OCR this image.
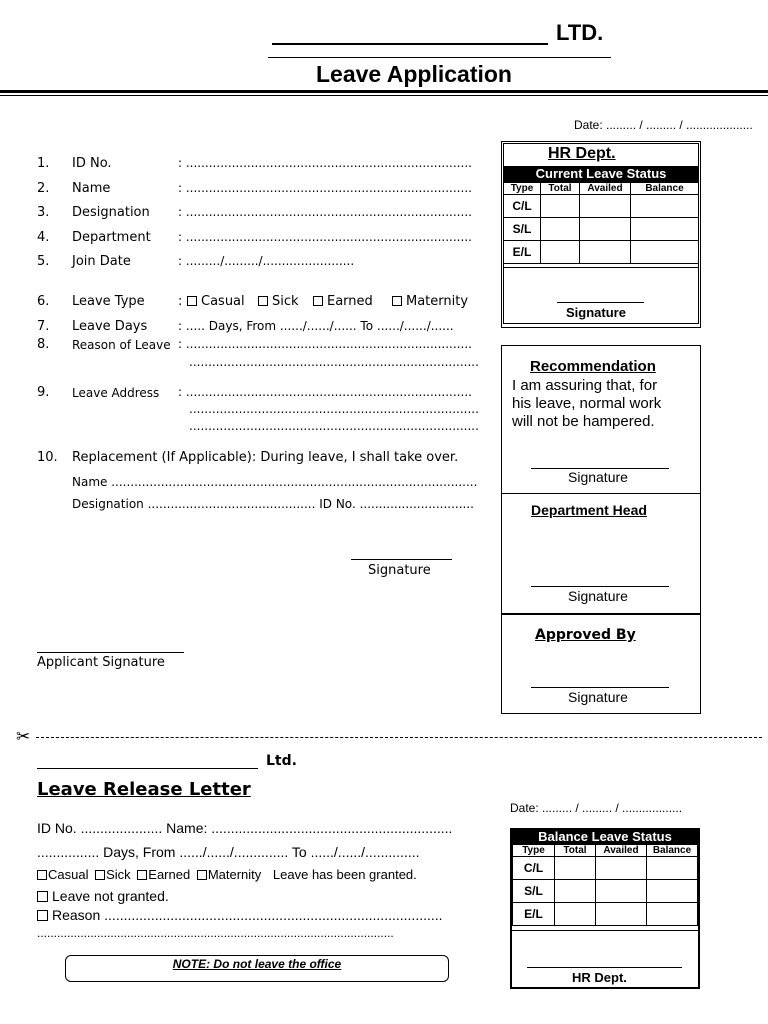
LTD.
Leave Application
Date: ......... / ......... / ....................
1. ID No.	: ...........................................................................
2. Name	: ...........................................................................
3. Designation : ...........................................................................
4. Department : ...........................................................................
5. Join Date	: ........./........./........................
6. Leave Type	:	Casual	Sick	Earned	Maternity
7. Leave Days	: ..... Days, From ....../....../...... To ....../....../......
8. Reason of Leave : ...........................................................................
............................................................................
9. Leave Address : ...........................................................................
............................................................................
............................................................................
10. Replacement (If Applicable): During leave, I shall take over.
Name ................................................................................................
Designation ............................................ ID No. ..............................
Signature
Applicant Signature
HR Dept.
Current Leave Status
Type	Total	Availed	Balance
C/L			
S/L			
E/L			
Signature
Recommendation
I am assuring that, for
his leave, normal work
will not be hampered.
Signature
Department Head
Signature
Approved By
Signature
✂
Ltd.
Leave Release Letter
Date: ......... / ......... / ..................
ID No. ..................... Name: ..............................................................
................ Days, From ....../....../.............. To ....../....../..............
Casual Sick Earned Maternity Leave has been granted.
Leave not granted.
Reason .......................................................................................
...........................................................................................................
NOTE: Do not leave the office
Balance Leave Status
Type	Total	Availed	Balance
C/L			
S/L			
E/L			
HR Dept.
